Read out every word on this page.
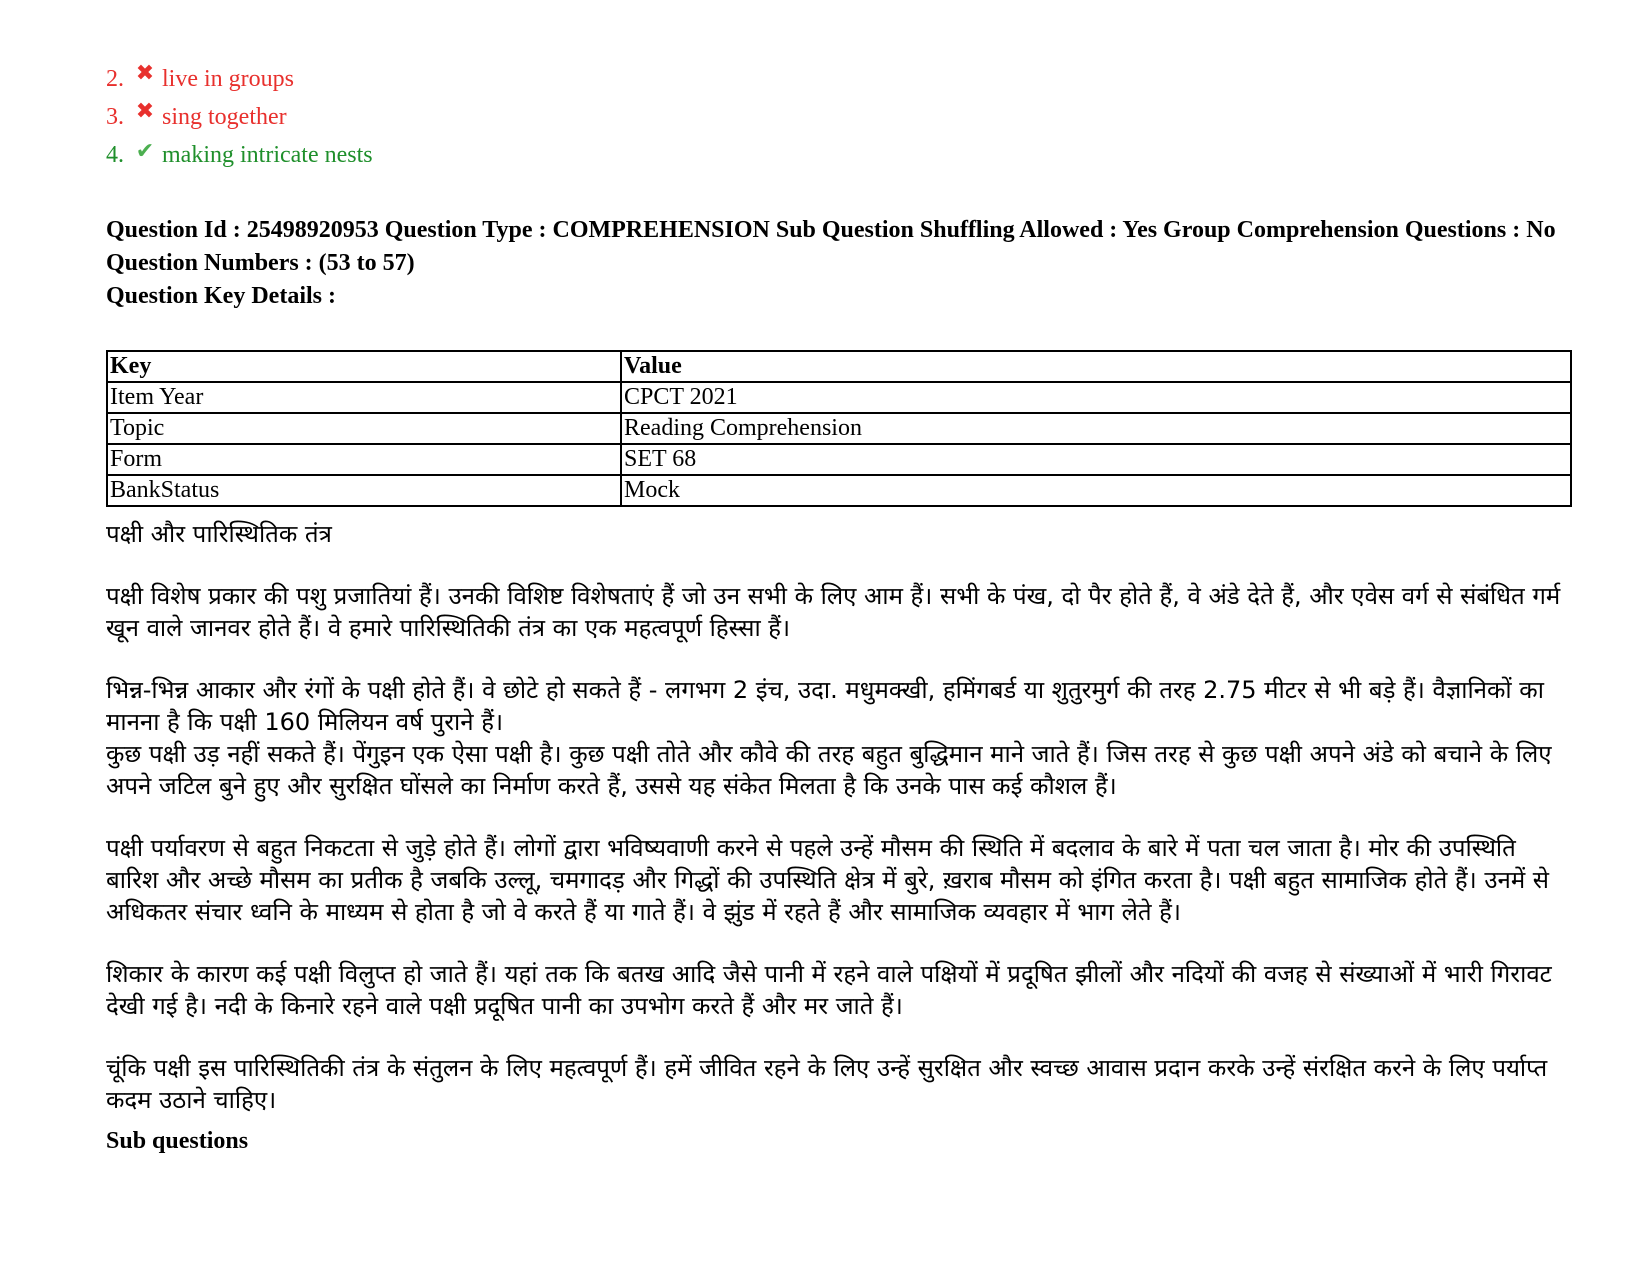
2. ✖ live in groups
3. ✖ sing together
4. ✔ making intricate nests

Question Id : 25498920953 Question Type : COMPREHENSION Sub Question Shuffling Allowed : Yes Group Comprehension Questions : No

Question Numbers : (53 to 57)

Question Key Details :

Key	Value
Item Year	CPCT 2021
Topic	Reading Comprehension
Form	SET 68
BankStatus	Mock

पक्षी और पारिस्थितिक तंत्र

पक्षी विशेष प्रकार की पशु प्रजातियां हैं। उनकी विशिष्ट विशेषताएं हैं जो उन सभी के लिए आम हैं। सभी के पंख, दो पैर होते हैं, वे अंडे देते हैं, और एवेस वर्ग से संबंधित गर्म खून वाले जानवर होते हैं। वे हमारे पारिस्थितिकी तंत्र का एक महत्वपूर्ण हिस्सा हैं।

भिन्न-भिन्न आकार और रंगों के पक्षी होते हैं। वे छोटे हो सकते हैं - लगभग 2 इंच, उदा. मधुमक्खी, हमिंगबर्ड या शुतुरमुर्ग की तरह 2.75 मीटर से भी बड़े हैं। वैज्ञानिकों का मानना है कि पक्षी 160 मिलियन वर्ष पुराने हैं।

कुछ पक्षी उड़ नहीं सकते हैं। पेंगुइन एक ऐसा पक्षी है। कुछ पक्षी तोते और कौवे की तरह बहुत बुद्धिमान माने जाते हैं। जिस तरह से कुछ पक्षी अपने अंडे को बचाने के लिए अपने जटिल बुने हुए और सुरक्षित घोंसले का निर्माण करते हैं, उससे यह संकेत मिलता है कि उनके पास कई कौशल हैं।

पक्षी पर्यावरण से बहुत निकटता से जुड़े होते हैं। लोगों द्वारा भविष्यवाणी करने से पहले उन्हें मौसम की स्थिति में बदलाव के बारे में पता चल जाता है। मोर की उपस्थिति बारिश और अच्छे मौसम का प्रतीक है जबकि उल्लू, चमगादड़ और गिद्धों की उपस्थिति क्षेत्र में बुरे, ख़राब मौसम को इंगित करता है। पक्षी बहुत सामाजिक होते हैं। उनमें से अधिकतर संचार ध्वनि के माध्यम से होता है जो वे करते हैं या गाते हैं। वे झुंड में रहते हैं और सामाजिक व्यवहार में भाग लेते हैं।

शिकार के कारण कई पक्षी विलुप्त हो जाते हैं। यहां तक कि बतख आदि जैसे पानी में रहने वाले पक्षियों में प्रदूषित झीलों और नदियों की वजह से संख्याओं में भारी गिरावट देखी गई है। नदी के किनारे रहने वाले पक्षी प्रदूषित पानी का उपभोग करते हैं और मर जाते हैं।

चूंकि पक्षी इस पारिस्थितिकी तंत्र के संतुलन के लिए महत्वपूर्ण हैं। हमें जीवित रहने के लिए उन्हें सुरक्षित और स्वच्छ आवास प्रदान करके उन्हें संरक्षित करने के लिए पर्याप्त कदम उठाने चाहिए।

Sub questions
